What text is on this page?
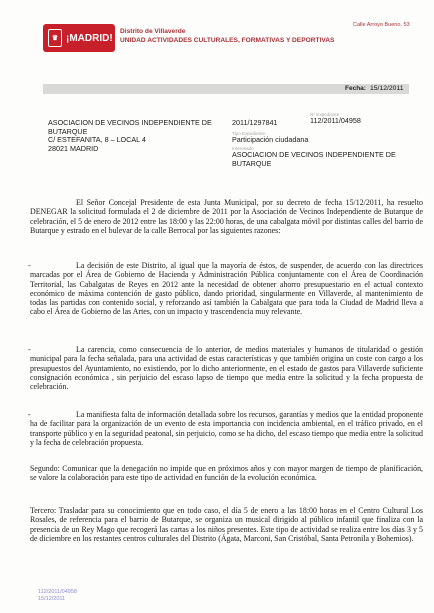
♛ ¡MADRID!
Distrito de Villaverde
UNIDAD ACTIVIDADES CULTURALES, FORMATIVAS Y DEPORTIVAS
Calle Arroyo Bueno, 53
Fecha: 15/12/2011
ASOCIACION DE VECINOS INDEPENDIENTE DE
BUTARQUE
C/ ESTEFANITA, 8 – LOCAL 4
28021 MADRID
2011/1297841
Nº Expediente
112/2011/04958
Tipo Expediente
Participación ciudadana
Interesado
ASOCIACION DE VECINOS INDEPENDIENTE DE
BUTARQUE

El Señor Concejal Presidente de esta Junta Municipal, por su decreto de fecha 15/12/2011, ha resuelto DENEGAR la solicitud formulada el 2 de diciembre de 2011 por la Asociación de Vecinos Independiente de Butarque de celebración, el 5 de enero de 2012 entre las 18:00 y las 22:00 horas, de una cabalgata móvil por distintas calles del barrio de Butarque y estrado en el bulevar de la calle Berrocal por las siguientes razones:

-	La decisión de este Distrito, al igual que la mayoría de éstos, de suspender, de acuerdo con las directrices marcadas por el Área de Gobierno de Hacienda y Administración Pública conjuntamente con el Área de Coordinación Territorial, las Cabalgatas de Reyes en 2012 ante la necesidad de obtener ahorro presupuestario en el actual contexto económico de máxima contención de gasto público, dando prioridad, singularmente en Villaverde, al mantenimiento de todas las partidas con contenido social, y reforzando así también la Cabalgata que para toda la Ciudad de Madrid lleva a cabo el Área de Gobierno de las Artes, con un impacto y trascendencia muy relevante.

-	La carencia, como consecuencia de lo anterior, de medios materiales y humanos de titularidad o gestión municipal para la fecha señalada, para una actividad de estas características y que también origina un coste con cargo a los presupuestos del Ayuntamiento, no existiendo, por lo dicho anteriormente, en el estado de gastos para Villaverde suficiente consignación económica , sin perjuicio del escaso lapso de tiempo que media entre la solicitud y la fecha propuesta de celebración.

-	La manifiesta falta de información detallada sobre los recursos, garantías y medios que la entidad proponente ha de facilitar para la organización de un evento de esta importancia con incidencia ambiental, en el tráfico privado, en el transporte público y en la seguridad peatonal, sin perjuicio, como se ha dicho, del escaso tiempo que media entre la solicitud y la fecha de celebración propuesta.

Segundo: Comunicar que la denegación no impide que en próximos años y con mayor margen de tiempo de planificación, se valore la colaboración para este tipo de actividad en función de la evolución económica.

Tercero: Trasladar para su conocimiento que en todo caso, el día 5 de enero a las 18:00 horas en el Centro Cultural Los Rosales, de referencia para el barrio de Butarque, se organiza un musical dirigido al público infantil que finaliza con la presencia de un Rey Mago que recogerá las cartas a los niños presentes. Este tipo de actividad se realiza entre los días 3 y 5 de diciembre en los restantes centros culturales del Distrito (Ágata, Marconi, San Cristóbal, Santa Petronila y Bohemios).

112/2011/04958
15/12/2011
